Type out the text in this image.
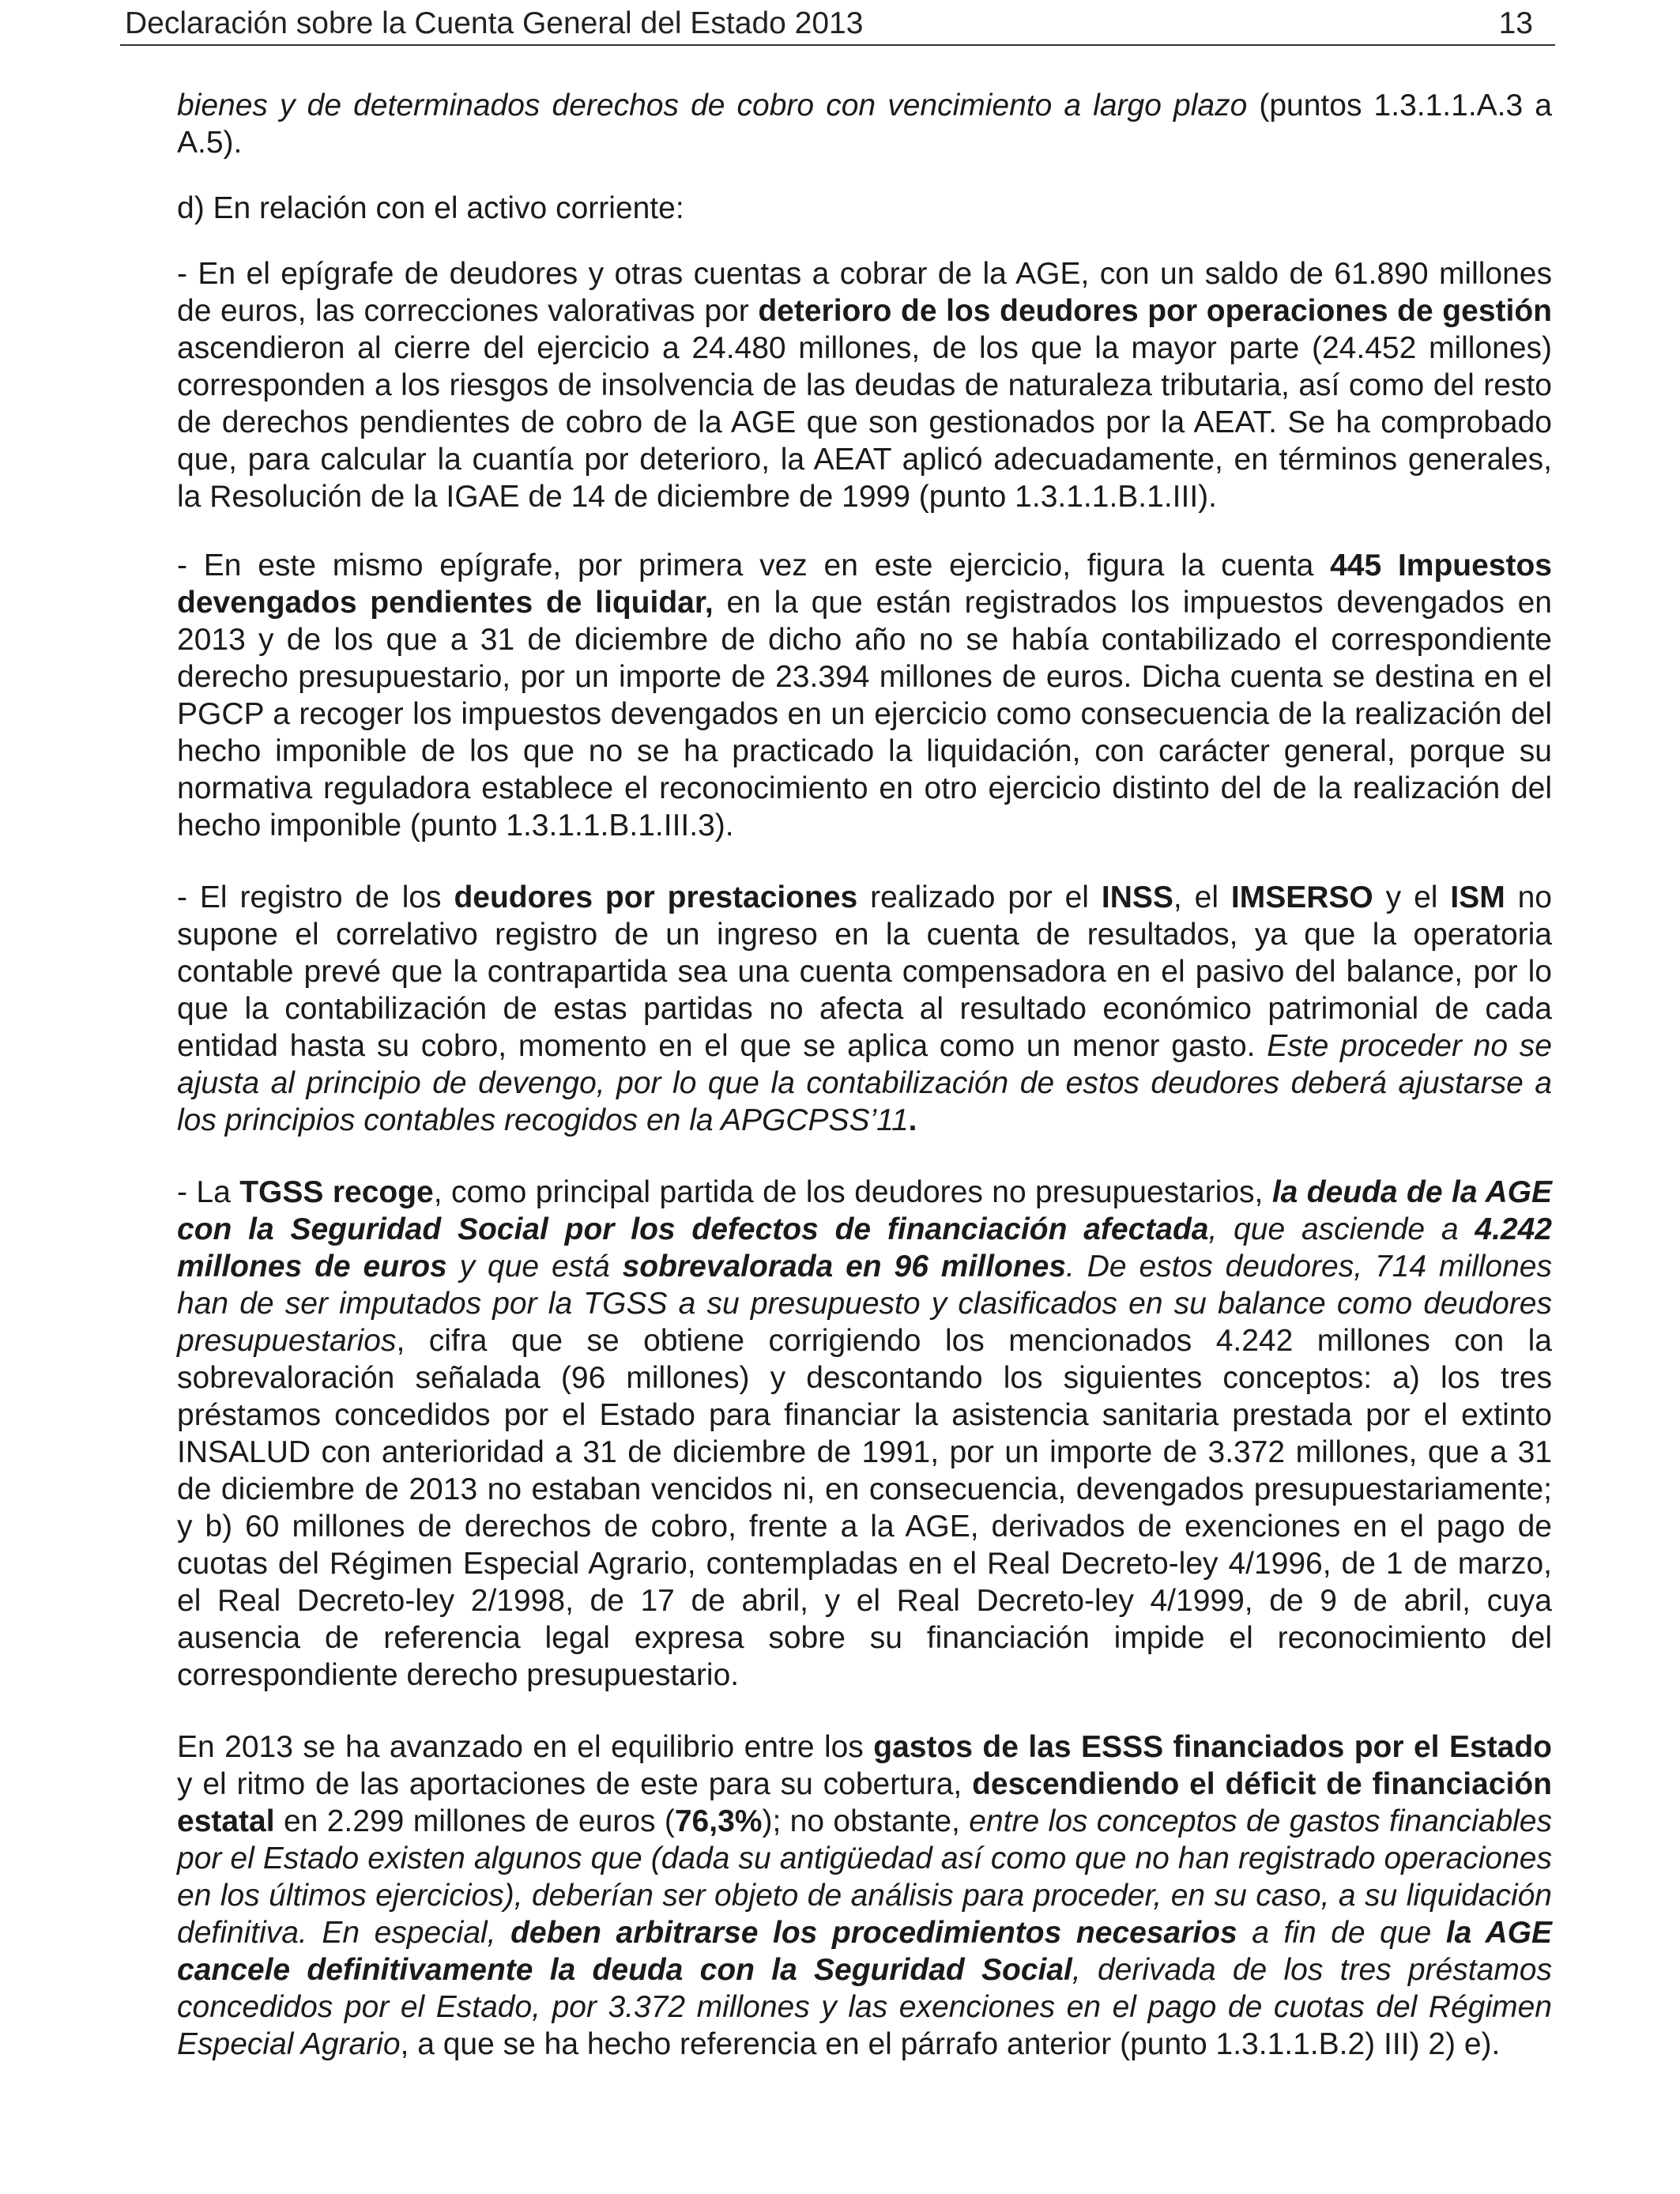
Declaración sobre la Cuenta General del Estado 2013	13

bienes y de determinados derechos de cobro con vencimiento a largo plazo (puntos 1.3.1.1.A.3 a A.5).

d) En relación con el activo corriente:

- En el epígrafe de deudores y otras cuentas a cobrar de la AGE, con un saldo de 61.890 millones de euros, las correcciones valorativas por deterioro de los deudores por operaciones de gestión ascendieron al cierre del ejercicio a 24.480 millones, de los que la mayor parte (24.452 millones) corresponden a los riesgos de insolvencia de las deudas de naturaleza tributaria, así como del resto de derechos pendientes de cobro de la AGE que son gestionados por la AEAT. Se ha comprobado que, para calcular la cuantía por deterioro, la AEAT aplicó adecuadamente, en términos generales, la Resolución de la IGAE de 14 de diciembre de 1999 (punto 1.3.1.1.B.1.III).

- En este mismo epígrafe, por primera vez en este ejercicio, figura la cuenta 445 Impuestos devengados pendientes de liquidar, en la que están registrados los impuestos devengados en 2013 y de los que a 31 de diciembre de dicho año no se había contabilizado el correspondiente derecho presupuestario, por un importe de 23.394 millones de euros. Dicha cuenta se destina en el PGCP a recoger los impuestos devengados en un ejercicio como consecuencia de la realización del hecho imponible de los que no se ha practicado la liquidación, con carácter general, porque su normativa reguladora establece el reconocimiento en otro ejercicio distinto del de la realización del hecho imponible (punto 1.3.1.1.B.1.III.3).

- El registro de los deudores por prestaciones realizado por el INSS, el IMSERSO y el ISM no supone el correlativo registro de un ingreso en la cuenta de resultados, ya que la operatoria contable prevé que la contrapartida sea una cuenta compensadora en el pasivo del balance, por lo que la contabilización de estas partidas no afecta al resultado económico patrimonial de cada entidad hasta su cobro, momento en el que se aplica como un menor gasto. Este proceder no se ajusta al principio de devengo, por lo que la contabilización de estos deudores deberá ajustarse a los principios contables recogidos en la APGCPSS’11.

- La TGSS recoge, como principal partida de los deudores no presupuestarios, la deuda de la AGE con la Seguridad Social por los defectos de financiación afectada, que asciende a 4.242 millones de euros y que está sobrevalorada en 96 millones. De estos deudores, 714 millones han de ser imputados por la TGSS a su presupuesto y clasificados en su balance como deudores presupuestarios, cifra que se obtiene corrigiendo los mencionados 4.242 millones con la sobrevaloración señalada (96 millones) y descontando los siguientes conceptos: a) los tres préstamos concedidos por el Estado para financiar la asistencia sanitaria prestada por el extinto INSALUD con anterioridad a 31 de diciembre de 1991, por un importe de 3.372 millones, que a 31 de diciembre de 2013 no estaban vencidos ni, en consecuencia, devengados presupuestariamente; y b) 60 millones de derechos de cobro, frente a la AGE, derivados de exenciones en el pago de cuotas del Régimen Especial Agrario, contempladas en el Real Decreto-ley 4/1996, de 1 de marzo, el Real Decreto-ley 2/1998, de 17 de abril, y el Real Decreto-ley 4/1999, de 9 de abril, cuya ausencia de referencia legal expresa sobre su financiación impide el reconocimiento del correspondiente derecho presupuestario.

En 2013 se ha avanzado en el equilibrio entre los gastos de las ESSS financiados por el Estado y el ritmo de las aportaciones de este para su cobertura, descendiendo el déficit de financiación estatal en 2.299 millones de euros (76,3%); no obstante, entre los conceptos de gastos financiables por el Estado existen algunos que (dada su antigüedad así como que no han registrado operaciones en los últimos ejercicios), deberían ser objeto de análisis para proceder, en su caso, a su liquidación definitiva. En especial, deben arbitrarse los procedimientos necesarios a fin de que la AGE cancele definitivamente la deuda con la Seguridad Social, derivada de los tres préstamos concedidos por el Estado, por 3.372 millones y las exenciones en el pago de cuotas del Régimen Especial Agrario, a que se ha hecho referencia en el párrafo anterior (punto 1.3.1.1.B.2) III) 2) e).
